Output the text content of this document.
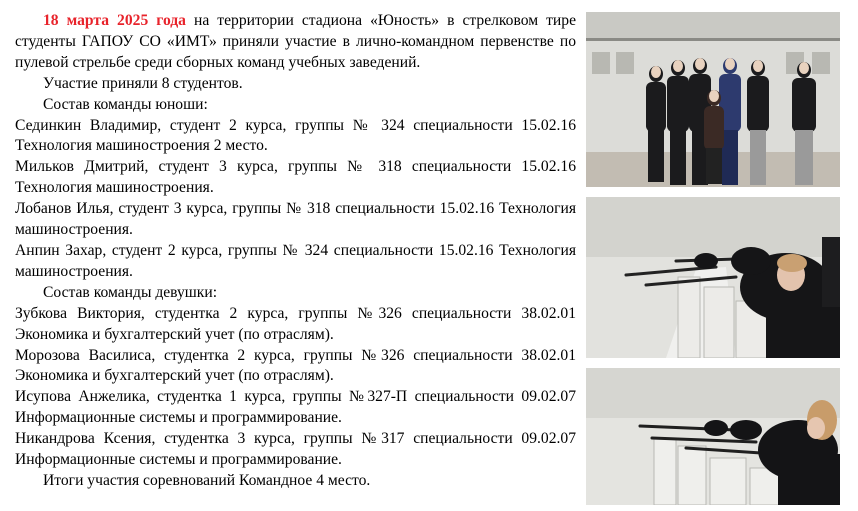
18 марта 2025 года на территории стадиона «Юность» в стрелковом тире студенты ГАПОУ СО «ИМТ» приняли участие в лично-командном первенстве по пулевой стрельбе среди сборных команд учебных заведений.

Участие приняли 8 студентов.

Состав команды юноши:

Сединкин Владимир, студент 2 курса, группы № 324 специальности 15.02.16 Технология машиностроения 2 место.

Мильков Дмитрий, студент 3 курса, группы № 318 специальности 15.02.16 Технология машиностроения.

Лобанов Илья, студент 3 курса, группы № 318 специальности 15.02.16 Технология машиностроения.

Анпин Захар, студент 2 курса, группы № 324 специальности 15.02.16 Технология машиностроения.

Состав команды девушки:

Зубкова Виктория, студентка 2 курса, группы №326 специальности 38.02.01 Экономика и бухгалтерский учет (по отраслям).

Морозова Василиса, студентка 2 курса, группы №326 специальности 38.02.01 Экономика и бухгалтерский учет (по отраслям).

Исупова Анжелика, студентка 1 курса, группы №327-П специальности 09.02.07 Информационные системы и программирование.

Никандрова Ксения, студентка 3 курса, группы №317 специальности 09.02.07 Информационные системы и программирование.

Итоги участия соревнований Командное 4 место.
